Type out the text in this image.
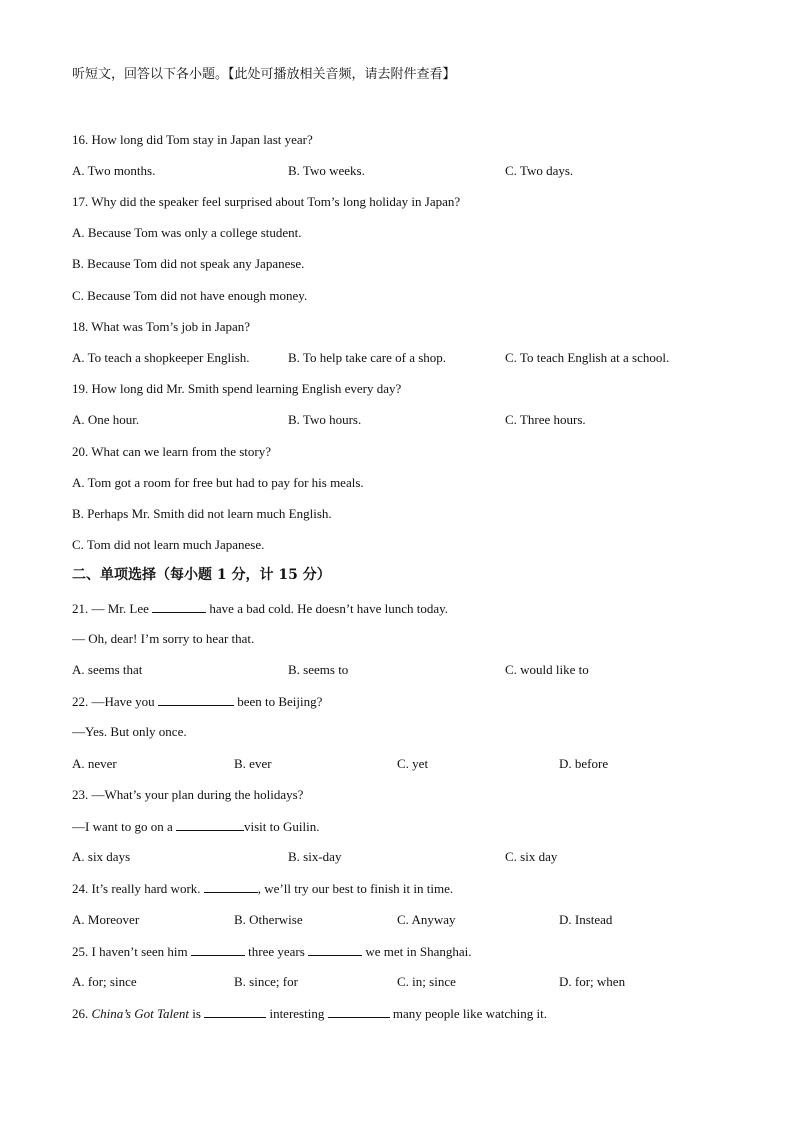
听短文，回答以下各小题。【此处可播放相关音频，请去附件查看】
16. How long did Tom stay in Japan last year?
A. Two months.	B. Two weeks.	C. Two days.
17. Why did the speaker feel surprised about Tom’s long holiday in Japan?
A. Because Tom was only a college student.
B. Because Tom did not speak any Japanese.
C. Because Tom did not have enough money.
18. What was Tom’s job in Japan?
A. To teach a shopkeeper English.	B. To help take care of a shop.	C. To teach English at a school.
19. How long did Mr. Smith spend learning English every day?
A. One hour.	B. Two hours.	C. Three hours.
20. What can we learn from the story?
A. Tom got a room for free but had to pay for his meals.
B. Perhaps Mr. Smith did not learn much English.
C. Tom did not learn much Japanese.
二、单项选择（每小题 1 分，计 15 分）
21. — Mr. Lee	have a bad cold. He doesn’t have lunch today.
— Oh, dear! I’m sorry to hear that.
A. seems that	B. seems to	C. would like to
22. —Have you	been to Beijing?
—Yes. But only once.
A. never	B. ever	C. yet	D. before
23. —What’s your plan during the holidays?
—I want to go on a	visit to Guilin.
A. six days	B. six-day	C. six day
24. It’s really hard work.	, we’ll try our best to finish it in time.
A. Moreover	B. Otherwise	C. Anyway	D. Instead
25. I haven’t seen him	three years	we met in Shanghai.
A. for; since	B. since; for	C. in; since	D. for; when
26. China’s Got Talent is	interesting	many people like watching it.
